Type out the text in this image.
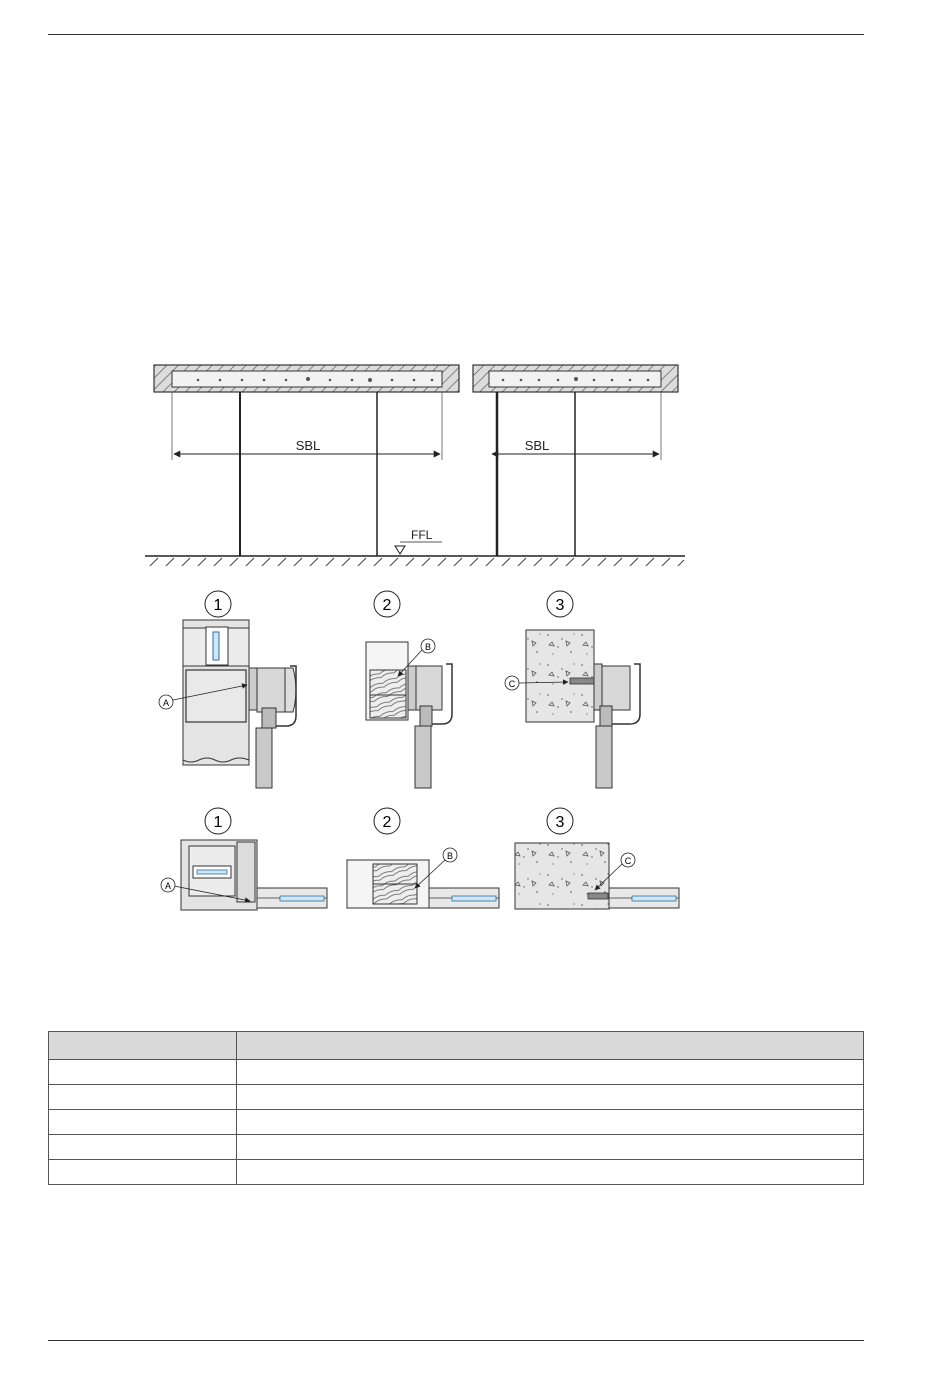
SBL	SBL
FFL
1	2	3
A
B
C
1	2	3
A
B	C
